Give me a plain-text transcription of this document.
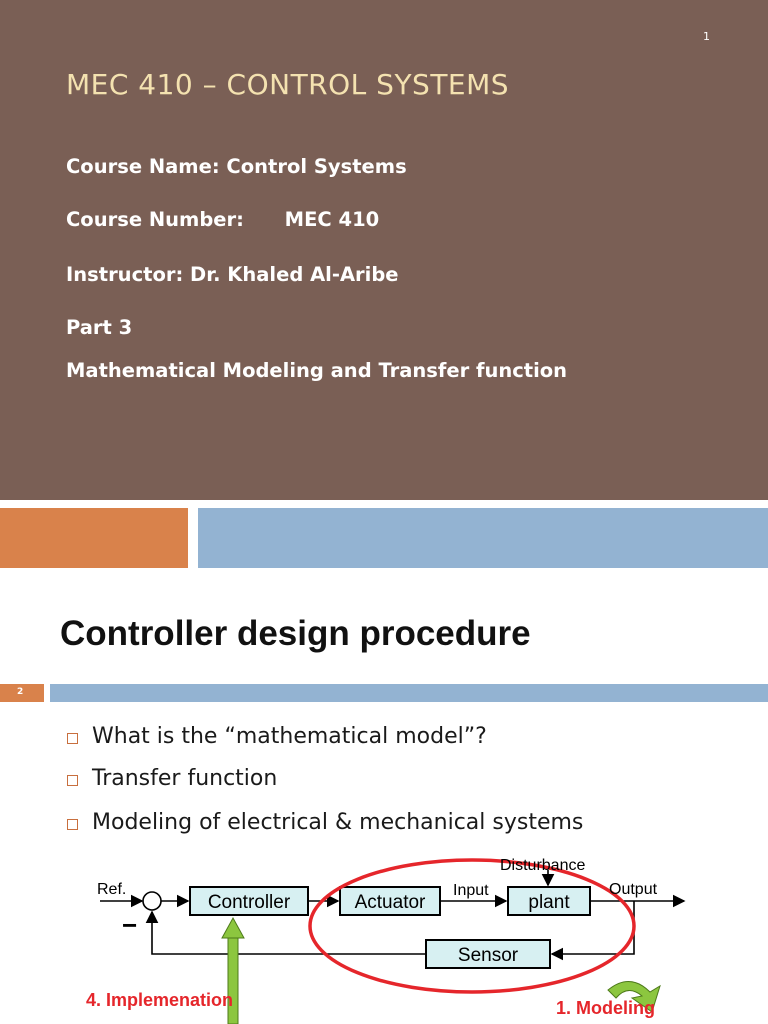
1
MEC 410 – CONTROL SYSTEMS
Course Name: Control Systems
Course Number:      MEC 410
Instructor: Dr. Khaled Al-Aribe
Part 3
Mathematical Modeling and Transfer function
Controller design procedure
2
What is the “mathematical model”?
Transfer function
Modeling of electrical & mechanical systems
Ref.
−
Controller	Actuator
Input
plant
Disturbance
Output
Sensor
4. Implemenation	1. Modeling
